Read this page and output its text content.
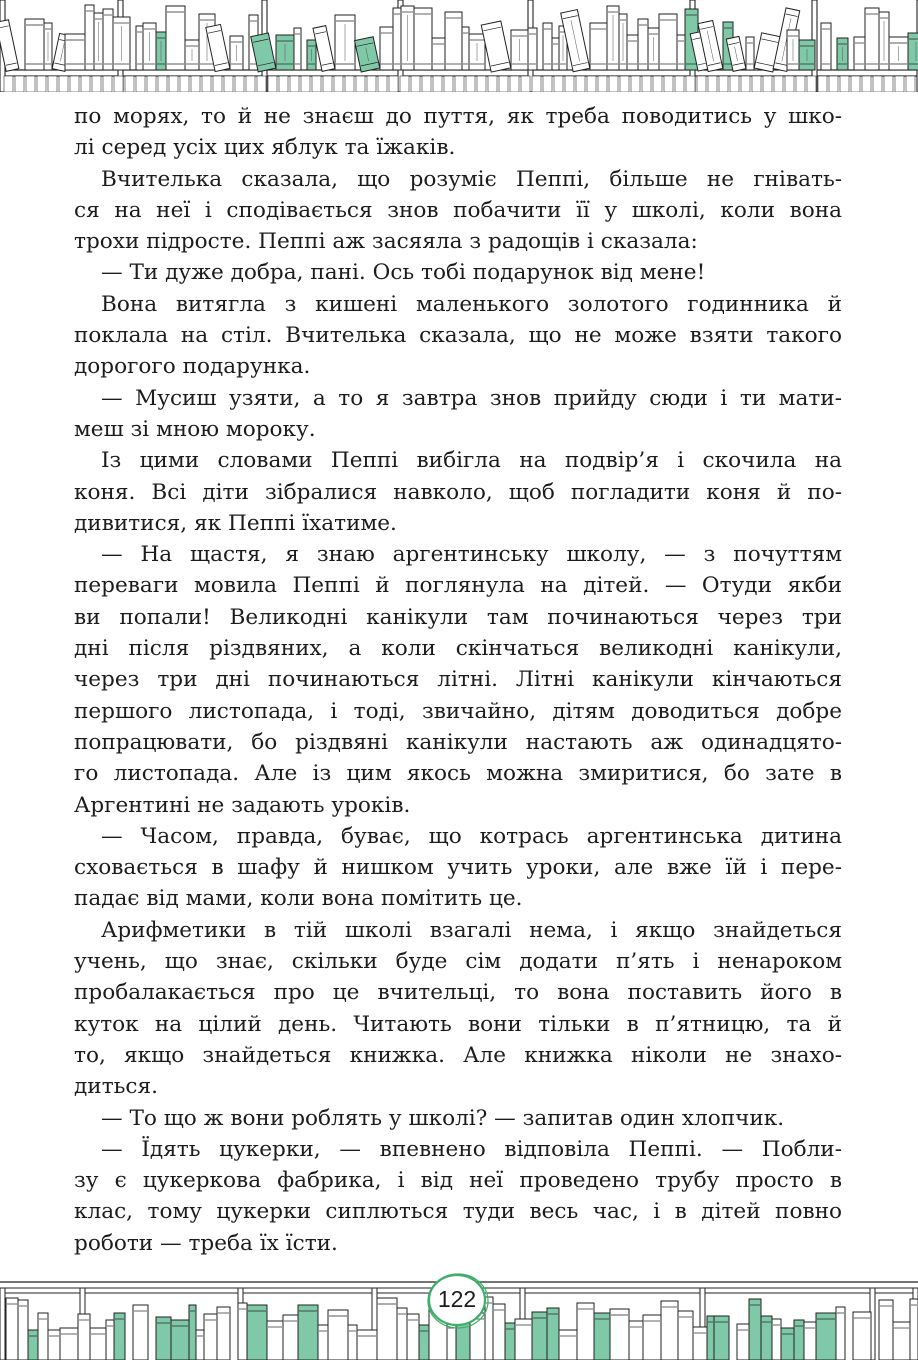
по морях, то й не знаєш до пуття, як треба поводитись у шко-
лі серед усіх цих яблук та їжаків.
Вчителька сказала, що розуміє Пеппі, більше не гнівать-
ся на неї і сподівається знов побачити її у школі, коли вона
трохи підросте. Пеппі аж засяяла з радощів і сказала:
— Ти дуже добра, пані. Ось тобі подарунок від мене!
Вона витягла з кишені маленького золотого годинника й
поклала на стіл. Вчителька сказала, що не може взяти такого
дорогого подарунка.
— Мусиш узяти, а то я завтра знов прийду сюди і ти мати-
меш зі мною мороку.
Із цими словами Пеппі вибігла на подвір’я і скочила на
коня. Всі діти зібралися навколо, щоб погладити коня й по-
дивитися, як Пеппі їхатиме.
— На щастя, я знаю аргентинську школу, — з почуттям
переваги мовила Пеппі й поглянула на дітей. — Отуди якби
ви попали! Великодні канікули там починаються через три
дні після різдвяних, а коли скінчаться великодні канікули,
через три дні починаються літні. Літні канікули кінчаються
першого листопада, і тоді, звичайно, дітям доводиться добре
попрацювати, бо різдвяні канікули настають аж одинадцято-
го листопада. Але із цим якось можна змиритися, бо зате в
Аргентині не задають уроків.
— Часом, правда, буває, що котрась аргентинська дитина
сховається в шафу й нишком учить уроки, але вже їй і пере-
падає від мами, коли вона помітить це.
Арифметики в тій школі взагалі нема, і якщо знайдеться
учень, що знає, скільки буде сім додати п’ять і ненароком
пробалакається про це вчительці, то вона поставить його в
куток на цілий день. Читають вони тільки в п’ятницю, та й
то, якщо знайдеться книжка. Але книжка ніколи не знахо-
диться.
— То що ж вони роблять у школі? — запитав один хлопчик.
— Їдять цукерки, — впевнено відповіла Пеппі. — Побли-
зу є цукеркова фабрика, і від неї проведено трубу просто в
клас, тому цукерки сиплються туди весь час, і в дітей повно
роботи — треба їх їсти.
122
